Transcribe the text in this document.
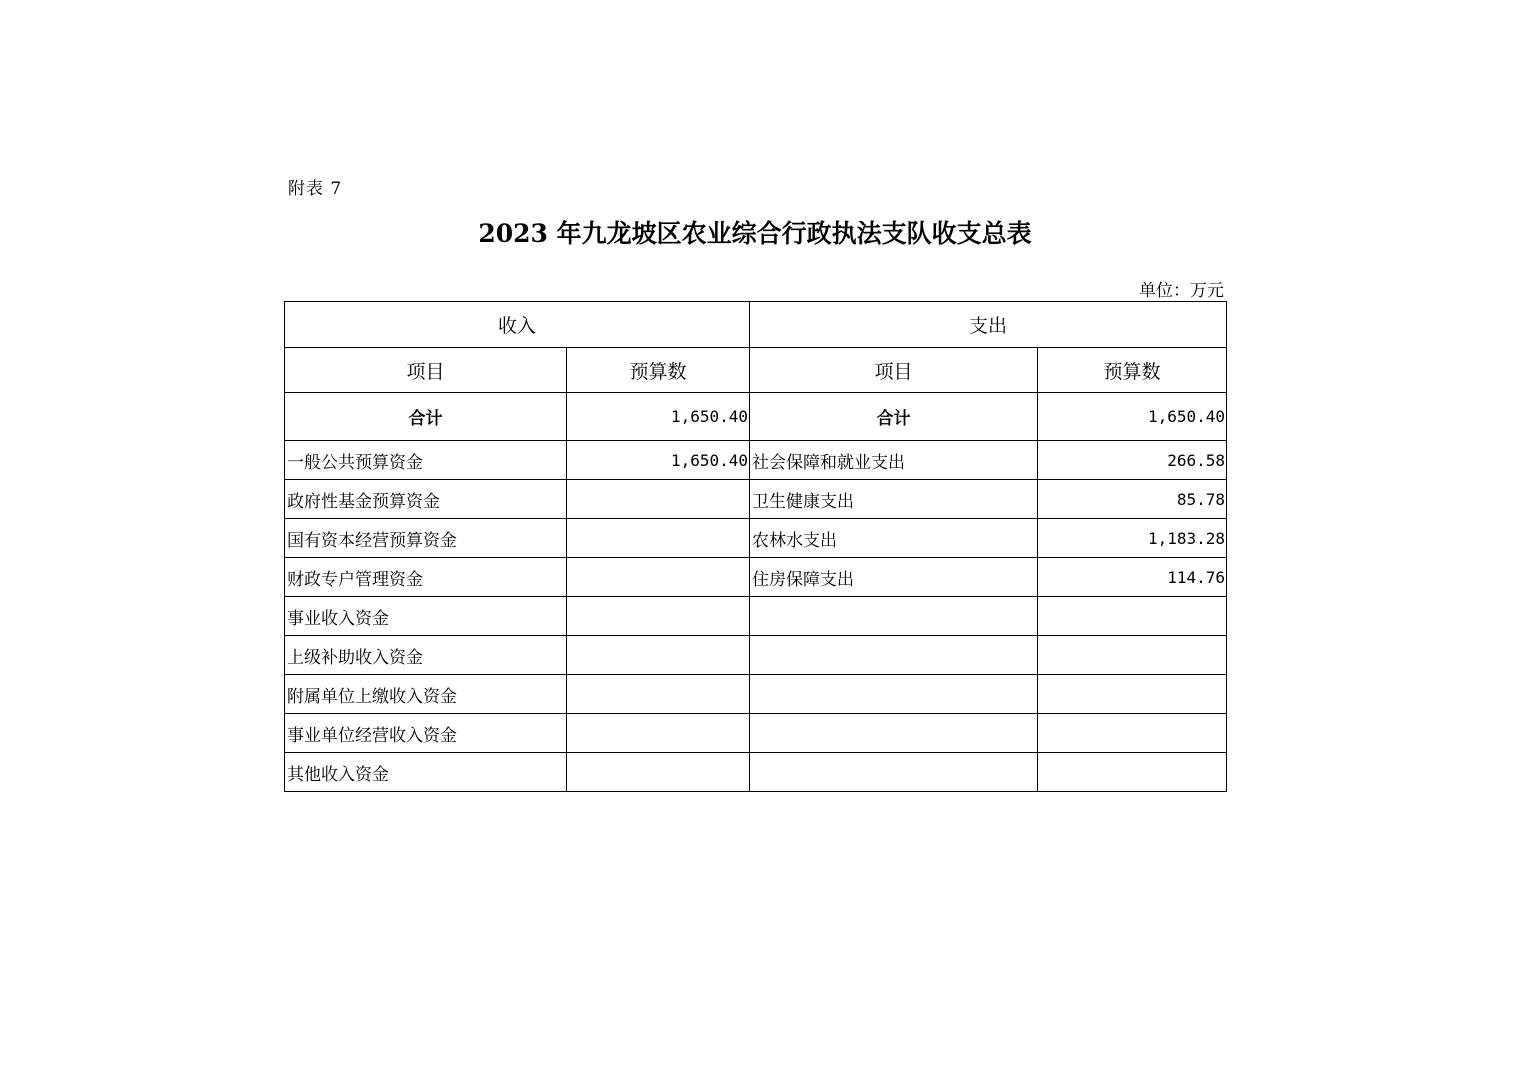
附表 7
2023 年九龙坡区农业综合行政执法支队收支总表
单位：万元
收入		支出	
项目	预算数	项目	预算数
合计	1,650.40	合计	1,650.40
一般公共预算资金	1,650.40	社会保障和就业支出	266.58
政府性基金预算资金		卫生健康支出	85.78
国有资本经营预算资金		农林水支出	1,183.28
财政专户管理资金		住房保障支出	114.76
事业收入资金			
上级补助收入资金			
附属单位上缴收入资金			
事业单位经营收入资金			
其他收入资金			
